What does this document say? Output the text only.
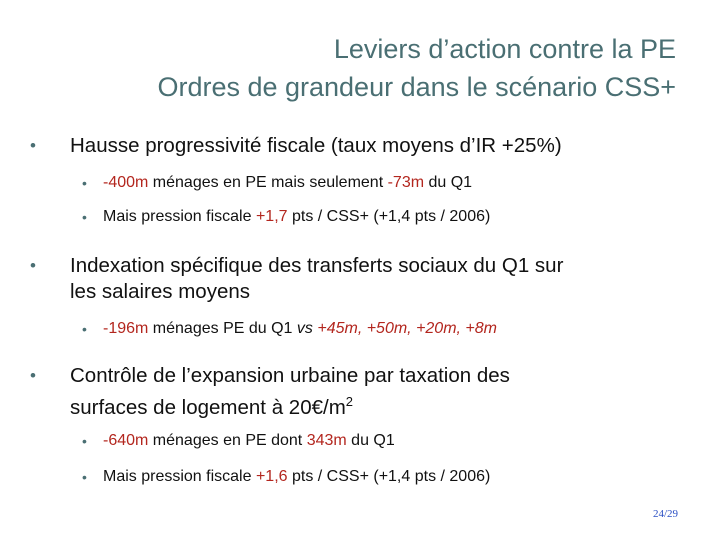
Leviers d’action contre la PE
Ordres de grandeur dans le scénario CSS+
• Hausse progressivité fiscale (taux moyens d’IR +25%)
• -400m ménages en PE mais seulement -73m du Q1
• Mais pression fiscale +1,7 pts / CSS+ (+1,4 pts / 2006)
• Indexation spécifique des transferts sociaux du Q1 sur
les salaires moyens
• -196m ménages PE du Q1 vs +45m, +50m, +20m, +8m
• Contrôle de l’expansion urbaine par taxation des
surfaces de logement à $20€/m^2$
• -640m ménages en PE dont 343m du Q1
• Mais pression fiscale +1,6 pts / CSS+ (+1,4 pts / 2006)
24/29
